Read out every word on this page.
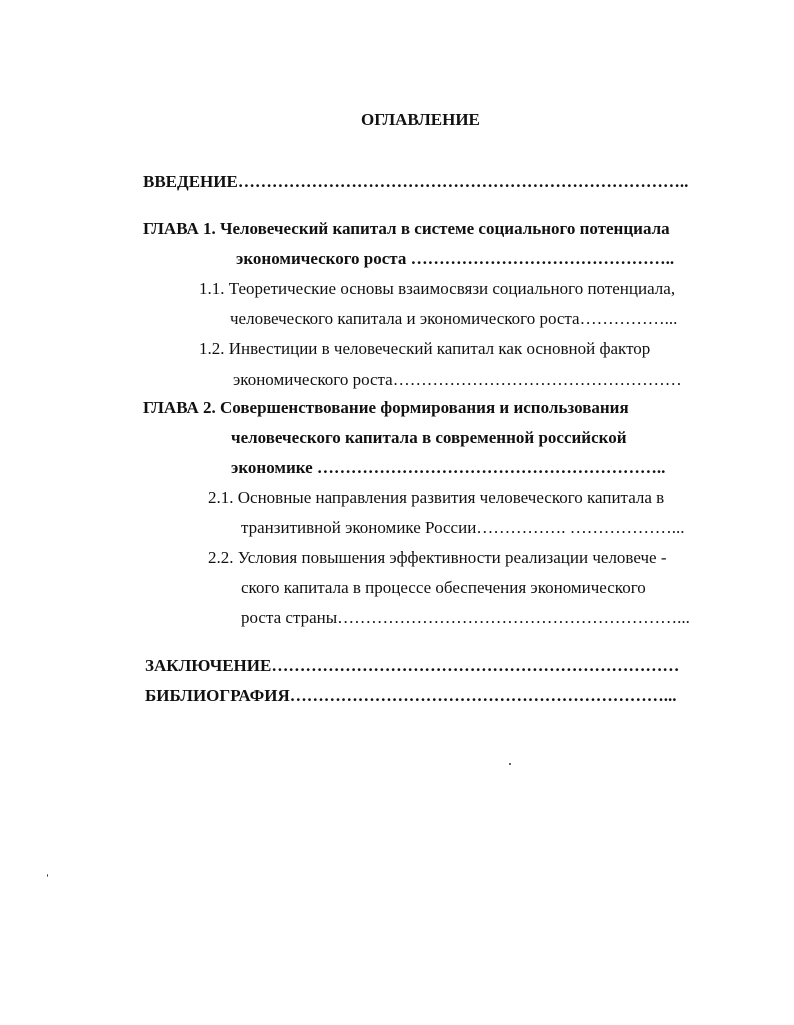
ОГЛАВЛЕНИЕ
ВВЕДЕНИЕ……………………………………………………………………..
ГЛАВА 1. Человеческий капитал в системе социального потенциала
экономического роста ………………………………………..
1.1. Теоретические основы взаимосвязи социального потенциала,
человеческого капитала и экономического роста……………...
1.2. Инвестиции в человеческий капитал как основной фактор
экономического роста……………………………………………
ГЛАВА 2. Совершенствование формирования и использования
человеческого капитала в современной российской
экономике ……………………………………………………..
2.1. Основные направления развития человеческого капитала в
транзитивной экономике России……………. ………………...
2.2. Условия повышения эффективности реализации человече -
ского капитала в процессе обеспечения экономического
роста страны……………………………………………………...
ЗАКЛЮЧЕНИЕ………………………………………………………………
БИБЛИОГРАФИЯ…………………………………………………………...
